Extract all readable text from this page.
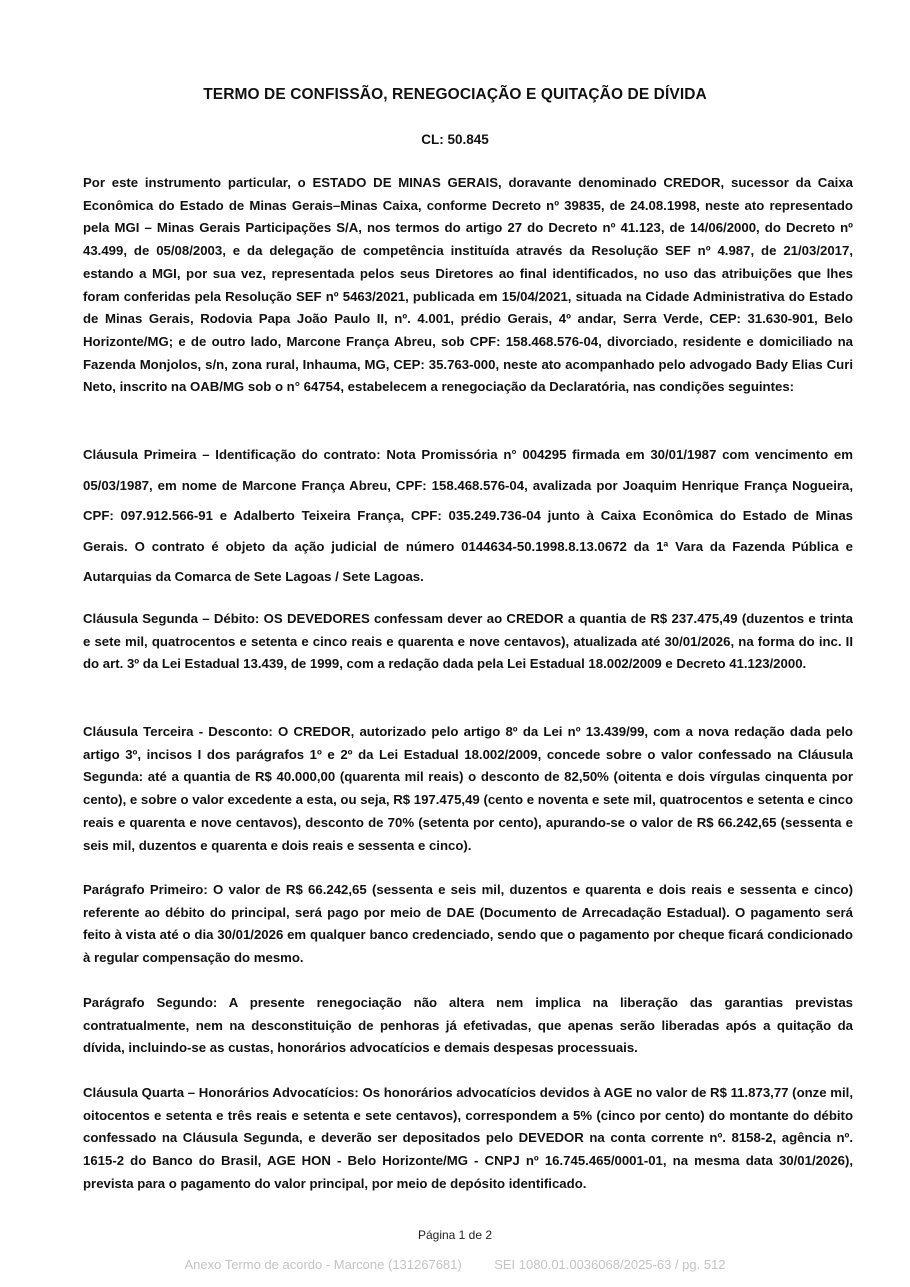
TERMO DE CONFISSÃO, RENEGOCIAÇÃO E QUITAÇÃO DE DÍVIDA
CL: 50.845

Por este instrumento particular, o ESTADO DE MINAS GERAIS, doravante denominado CREDOR, sucessor da Caixa Econômica do Estado de Minas Gerais–Minas Caixa, conforme Decreto nº 39835, de 24.08.1998, neste ato representado pela MGI – Minas Gerais Participações S/A, nos termos do artigo 27 do Decreto nº 41.123, de 14/06/2000, do Decreto nº 43.499, de 05/08/2003, e da delegação de competência instituída através da Resolução SEF nº 4.987, de 21/03/2017, estando a MGI, por sua vez, representada pelos seus Diretores ao final identificados, no uso das atribuições que lhes foram conferidas pela Resolução SEF nº 5463/2021, publicada em 15/04/2021, situada na Cidade Administrativa do Estado de Minas Gerais, Rodovia Papa João Paulo II, nº. 4.001, prédio Gerais, 4º andar, Serra Verde, CEP: 31.630-901, Belo Horizonte/MG; e de outro lado, Marcone França Abreu, sob CPF: 158.468.576-04, divorciado, residente e domiciliado na Fazenda Monjolos, s/n, zona rural, Inhauma, MG, CEP: 35.763-000, neste ato acompanhado pelo advogado Bady Elias Curi Neto, inscrito na OAB/MG sob o n° 64754, estabelecem a renegociação da Declaratória, nas condições seguintes:

Cláusula Primeira – Identificação do contrato: Nota Promissória n° 004295 firmada em 30/01/1987 com vencimento em 05/03/1987, em nome de Marcone França Abreu, CPF: 158.468.576-04, avalizada por Joaquim Henrique França Nogueira, CPF: 097.912.566-91 e Adalberto Teixeira França, CPF: 035.249.736-04 junto à Caixa Econômica do Estado de Minas Gerais. O contrato é objeto da ação judicial de número 0144634-50.1998.8.13.0672 da 1ª Vara da Fazenda Pública e Autarquias da Comarca de Sete Lagoas / Sete Lagoas.

Cláusula Segunda – Débito: OS DEVEDORES confessam dever ao CREDOR a quantia de R$ 237.475,49 (duzentos e trinta e sete mil, quatrocentos e setenta e cinco reais e quarenta e nove centavos), atualizada até 30/01/2026, na forma do inc. II do art. 3º da Lei Estadual 13.439, de 1999, com a redação dada pela Lei Estadual 18.002/2009 e Decreto 41.123/2000.

Cláusula Terceira - Desconto: O CREDOR, autorizado pelo artigo 8º da Lei nº 13.439/99, com a nova redação dada pelo artigo 3º, incisos I dos parágrafos 1º e 2º da Lei Estadual 18.002/2009, concede sobre o valor confessado na Cláusula Segunda: até a quantia de R$ 40.000,00 (quarenta mil reais) o desconto de 82,50% (oitenta e dois vírgulas cinquenta por cento), e sobre o valor excedente a esta, ou seja, R$ 197.475,49 (cento e noventa e sete mil, quatrocentos e setenta e cinco reais e quarenta e nove centavos), desconto de 70% (setenta por cento), apurando-se o valor de R$ 66.242,65 (sessenta e seis mil, duzentos e quarenta e dois reais e sessenta e cinco).

Parágrafo Primeiro: O valor de R$ 66.242,65 (sessenta e seis mil, duzentos e quarenta e dois reais e sessenta e cinco) referente ao débito do principal, será pago por meio de DAE (Documento de Arrecadação Estadual). O pagamento será feito à vista até o dia 30/01/2026 em qualquer banco credenciado, sendo que o pagamento por cheque ficará condicionado à regular compensação do mesmo.

Parágrafo Segundo: A presente renegociação não altera nem implica na liberação das garantias previstas contratualmente, nem na desconstituição de penhoras já efetivadas, que apenas serão liberadas após a quitação da dívida, incluindo-se as custas, honorários advocatícios e demais despesas processuais.

Cláusula Quarta – Honorários Advocatícios: Os honorários advocatícios devidos à AGE no valor de R$ 11.873,77 (onze mil, oitocentos e setenta e três reais e setenta e sete centavos), correspondem a 5% (cinco por cento) do montante do débito confessado na Cláusula Segunda, e deverão ser depositados pelo DEVEDOR na conta corrente nº. 8158-2, agência nº. 1615-2 do Banco do Brasil, AGE HON - Belo Horizonte/MG - CNPJ nº 16.745.465/0001-01, na mesma data 30/01/2026), prevista para o pagamento do valor principal, por meio de depósito identificado.

Página 1 de 2
Anexo Termo de acordo - Marcone (131267681)         SEI 1080.01.0036068/2025-63 / pg. 512
